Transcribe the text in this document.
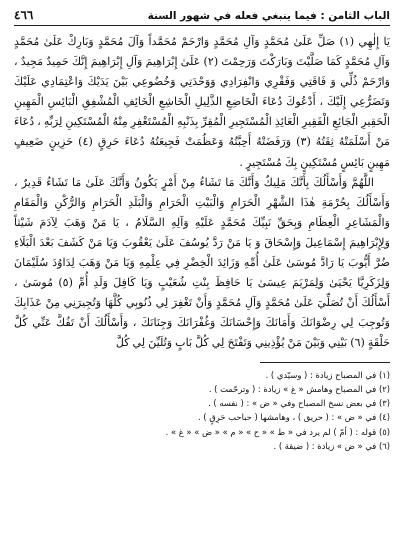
الباب الثامن : فيما ينبغي فعله في شهور السنة
٤٦٦

يَا إِلٰهِي (١) صَلِّ عَلَىٰ مُحَمَّدٍ وَآلِ مُحَمَّدٍ وَارْحَمْ مُحَمَّداً وَآلَ مُحَمَّدٍ وَبَارِكْ عَلَىٰ مُحَمَّدٍ وَآلِ مُحَمَّدٍ كَمَا صَلَّيْتَ وَبَارَكْتَ وَرَحِمْتَ (٢) عَلَىٰ إِبْرَاهِيمَ وَآلِ إِبْرَاهِيمَ إِنَّكَ حَمِيدٌ مَجِيدٌ ، وَارْحَمْ ذُلِّي وَ فَاقَتِي وَفَقْرِي وَانْفِرَادِي وَوَحْدَتِي وَخُضُوعِي بَيْنَ يَدَيْكَ وَاعْتِمَادِي عَلَيْكَ وَتَضَرُّعِي إِلَيْكَ ، أَدْعُوكَ دُعَاءَ الْخَاضِعِ الذَّلِيلِ الْخَاشِعِ الْخَائِفِ الْمُشْفِقِ الْبَائِسِ الْمَهِينِ الْحَقِيرِ الْجَائِعِ الْفَقِيرِ الْعَائِذِ الْمُسْتَجِيرِ الْمُقِرِّ بِذَنْبِهِ الْمُسْتَغْفِرِ مِنْهُ الْمُسْتَكِينِ لِرَبِّهِ ، دُعَاءَ مَنْ أَسْلَمَتْهُ ثِقَتُهُ (٣) وَرَفَضَتْهُ أَحِبَّتُهُ وَعَظُمَتْ فَجِيعَتُهُ دُعَاءَ حَرِقٍ (٤) حَزِينٍ ضَعِيفٍ مَهِينٍ بَائِسٍ مُسْتَكِينٍ بِكَ مُسْتَجِيرٍ .

اللَّهُمَّ وَأَسْأَلُكَ بِأَنَّكَ مَلِيكٌ وَأَنَّكَ مَا تَشَاءُ مِنْ أَمْرٍ يَكُونُ وَأَنَّكَ عَلَىٰ مَا تَشَاءُ قَدِيرٌ ، وَأَسْأَلُكَ بِحُرْمَةِ هٰذَا الشَّهْرِ الْحَرَامِ وَالْبَيْتِ الْحَرَامِ وَالْبَلَدِ الْحَرَامِ وَالرُّكْنِ وَالْمَقَامِ وَالْمَشَاعِرِ الْعِظَامِ وَبِحَقِّ نَبِيِّكَ مُحَمَّدٍ عَلَيْهِ وَآلِهِ السَّلَامُ ، يَا مَنْ وَهَبَ لِآدَمَ شَيْثاً وَلِإِبْرَاهِيمَ إِسْمَاعِيلَ وَإِسْحَاقَ وَ يَا مَنْ رَدَّ يُوسُفَ عَلَىٰ يَعْقُوبَ وَيَا مَنْ كَشَفَ بَعْدَ الْبَلَاءِ ضُرَّ أَيُّوبَ يَا رَادَّ مُوسَىٰ عَلَىٰ أُمِّهِ وَزَائِدَ الْخِضْرِ فِي عِلْمِهِ وَيَا مَنْ وَهَبَ لِدَاوُدَ سُلَيْمَانَ وَلِزَكَرِيَّا يَحْيَىٰ وَلِمَرْيَمَ عِيسَىٰ يَا حَافِظَ بِنْتِ شُعَيْبٍ وَيَا كَافِلَ وَلَدِ أُمِّ (٥) مُوسَىٰ ، أَسْأَلُكَ أَنْ تُصَلِّيَ عَلَىٰ مُحَمَّدٍ وَآلِ مُحَمَّدٍ وَأَنْ تَغْفِرَ لِي ذُنُوبِي كُلَّهَا وَتُجِيرَنِي مِنْ عَذَابِكَ وَتُوجِبَ لِي رِضْوَانَكَ وَأَمَانَكَ وَإِحْسَانَكَ وَغُفْرَانَكَ وَجِنَانَكَ ، وَأَسْأَلُكَ أَنْ تَفُكَّ عَنِّي كُلَّ حَلْقَةٍ (٦) بَيْنِي وَبَيْنَ مَنْ يُؤْذِينِي وَتَفْتَحَ لِي كُلَّ بَابٍ وَتُلَيِّنَ لِي كُلَّ

(١) في المصباح زيادة : ( وسيّدي ) .

(٢) في المصباح وهامش « غ » زيادة : ( وترحّمت ) .

(٣) في بعض نسخ المصباح وفي « ض » : ( نفسه ) .

(٤) في « ض » : ( حريق ) ، وهامشها ( حباحب حَرِقٍ ) .

(٥) قوله : ( أمّ ) لم يرد في « ط » « ح » « م » « ض » « غ » .

(٦) في « ض » زيادة : ( ضيقة ) .
